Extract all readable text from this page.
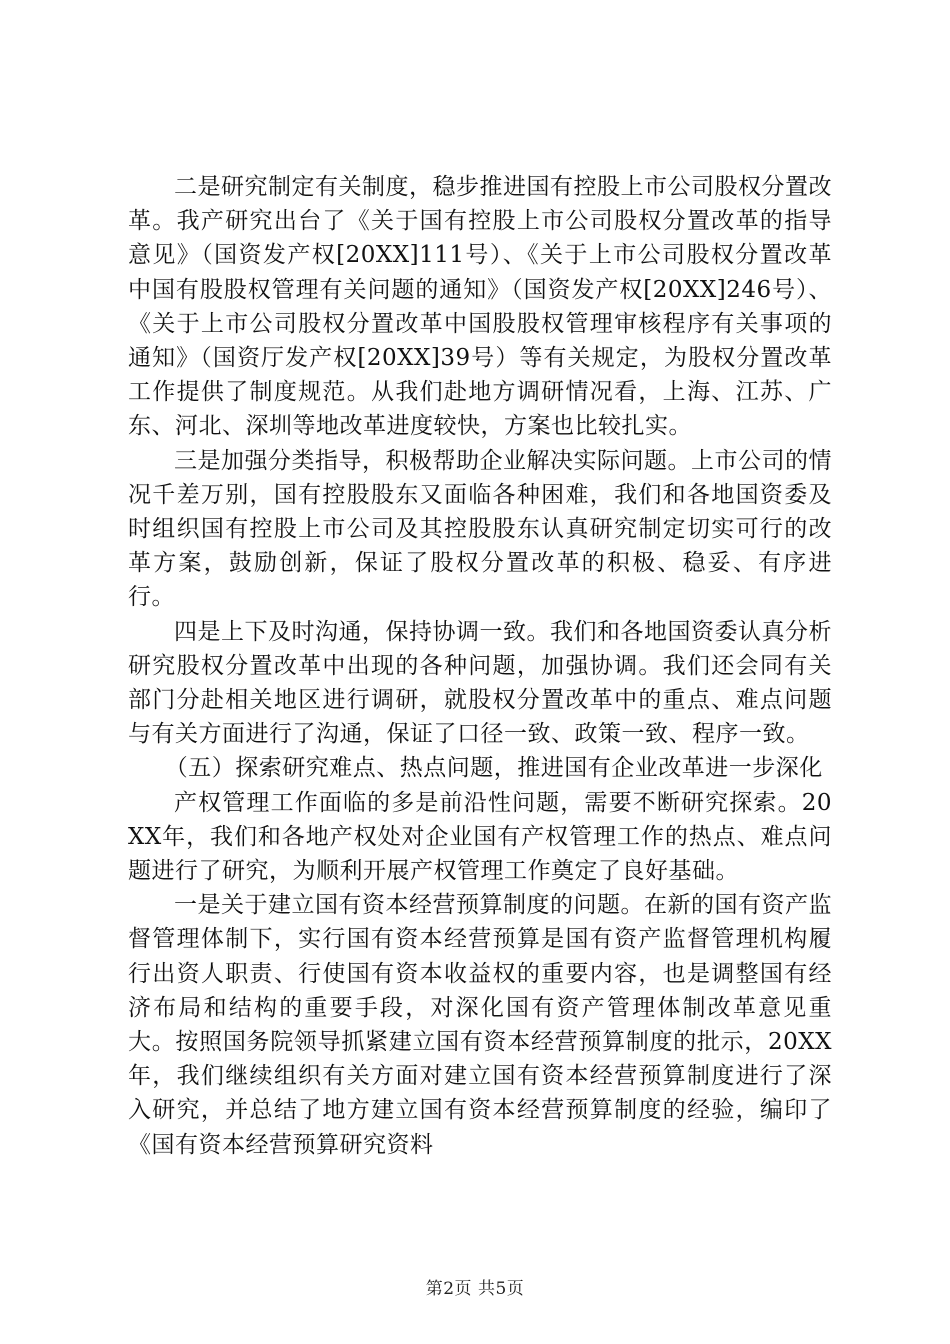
二是研究制定有关制度，稳步推进国有控股上市公司股权分置改革。我产研究出台了《关于国有控股上市公司股权分置改革的指导意见》（国资发产权[20XX]111号）、《关于上市公司股权分置改革中国有股股权管理有关问题的通知》（国资发产权[20XX]246号）、《关于上市公司股权分置改革中国股股权管理审核程序有关事项的通知》（国资厅发产权[20XX]39号）等有关规定，为股权分置改革工作提供了制度规范。从我们赴地方调研情况看，上海、江苏、广东、河北、深圳等地改革进度较快，方案也比较扎实。

三是加强分类指导，积极帮助企业解决实际问题。上市公司的情况千差万别，国有控股股东又面临各种困难，我们和各地国资委及时组织国有控股上市公司及其控股股东认真研究制定切实可行的改革方案，鼓励创新，保证了股权分置改革的积极、稳妥、有序进行。

四是上下及时沟通，保持协调一致。我们和各地国资委认真分析研究股权分置改革中出现的各种问题，加强协调。我们还会同有关部门分赴相关地区进行调研，就股权分置改革中的重点、难点问题与有关方面进行了沟通，保证了口径一致、政策一致、程序一致。

（五）探索研究难点、热点问题，推进国有企业改革进一步深化

产权管理工作面临的多是前沿性问题，需要不断研究探索。20XX年，我们和各地产权处对企业国有产权管理工作的热点、难点问题进行了研究，为顺利开展产权管理工作奠定了良好基础。

一是关于建立国有资本经营预算制度的问题。在新的国有资产监督管理体制下，实行国有资本经营预算是国有资产监督管理机构履行出资人职责、行使国有资本收益权的重要内容，也是调整国有经济布局和结构的重要手段，对深化国有资产管理体制改革意见重大。按照国务院领导抓紧建立国有资本经营预算制度的批示，20XX年，我们继续组织有关方面对建立国有资本经营预算制度进行了深入研究，并总结了地方建立国有资本经营预算制度的经验，编印了《国有资本经营预算研究资料

第2页 共5页
